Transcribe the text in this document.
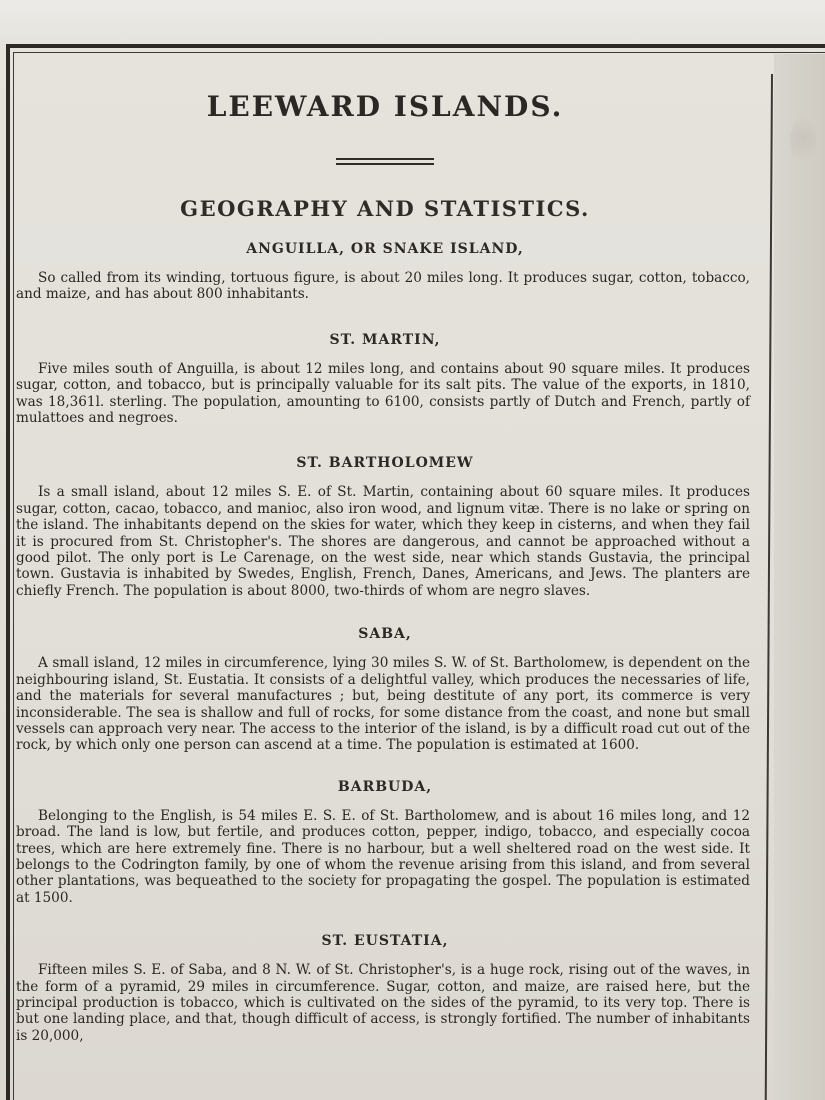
LEEWARD ISLANDS.
GEOGRAPHY AND STATISTICS.
ANGUILLA, OR SNAKE ISLAND,

So called from its winding, tortuous figure, is about 20 miles long. It produces sugar, cotton, tobacco, and maize, and has about 800 inhabitants.

ST. MARTIN,

Five miles south of Anguilla, is about 12 miles long, and contains about 90 square miles. It produces sugar, cotton, and tobacco, but is principally valuable for its salt pits. The value of the exports, in 1810, was 18,361l. sterling. The population, amounting to 6100, consists partly of Dutch and French, partly of mulattoes and negroes.

ST. BARTHOLOMEW

Is a small island, about 12 miles S. E. of St. Martin, containing about 60 square miles. It produces sugar, cotton, cacao, tobacco, and manioc, also iron wood, and lignum vitæ. There is no lake or spring on the island. The inhabitants depend on the skies for water, which they keep in cisterns, and when they fail it is procured from St. Christopher's. The shores are dangerous, and cannot be approached without a good pilot. The only port is Le Carenage, on the west side, near which stands Gustavia, the principal town. Gustavia is inhabited by Swedes, English, French, Danes, Americans, and Jews. The planters are chiefly French. The population is about 8000, two-thirds of whom are negro slaves.

SABA,

A small island, 12 miles in circumference, lying 30 miles S. W. of St. Bartholomew, is dependent on the neighbouring island, St. Eustatia. It consists of a delightful valley, which produces the necessaries of life, and the materials for several manufactures ; but, being destitute of any port, its commerce is very inconsiderable. The sea is shallow and full of rocks, for some distance from the coast, and none but small vessels can approach very near. The access to the interior of the island, is by a difficult road cut out of the rock, by which only one person can ascend at a time. The population is estimated at 1600.

BARBUDA,

Belonging to the English, is 54 miles E. S. E. of St. Bartholomew, and is about 16 miles long, and 12 broad. The land is low, but fertile, and produces cotton, pepper, indigo, tobacco, and especially cocoa trees, which are here extremely fine. There is no harbour, but a well sheltered road on the west side. It belongs to the Codrington family, by one of whom the revenue arising from this island, and from several other plantations, was bequeathed to the society for propagating the gospel. The population is estimated at 1500.

ST. EUSTATIA,

Fifteen miles S. E. of Saba, and 8 N. W. of St. Christopher's, is a huge rock, rising out of the waves, in the form of a pyramid, 29 miles in circumference. Sugar, cotton, and maize, are raised here, but the principal production is tobacco, which is cultivated on the sides of the pyramid, to its very top. There is but one landing place, and that, though difficult of access, is strongly fortified. The number of inhabitants is 20,000,
